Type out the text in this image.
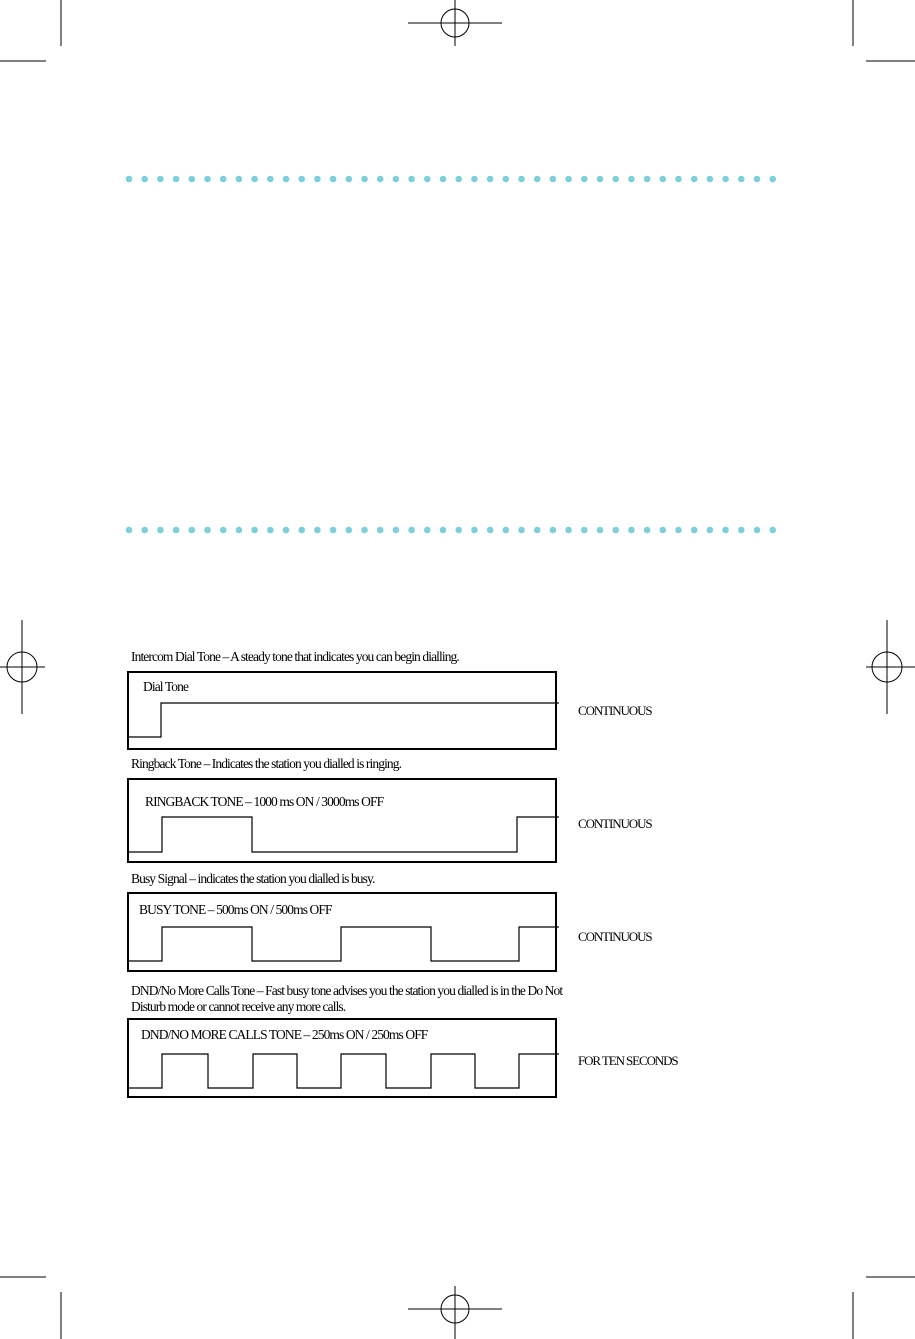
Intercom Dial Tone – A steady tone that indicates you can begin dialling.
Dial Tone
CONTINUOUS
Ringback Tone – Indicates the station you dialled is ringing.
RINGBACK TONE – 1000 ms ON / 3000ms OFF
CONTINUOUS
Busy Signal – indicates the station you dialled is busy.
BUSY TONE – 500ms ON / 500ms OFF
CONTINUOUS
DND/No More Calls Tone – Fast busy tone advises you the station you dialled is in the Do Not Disturb mode or cannot receive any more calls.
DND/NO MORE CALLS TONE – 250ms ON / 250ms OFF
FOR TEN SECONDS
